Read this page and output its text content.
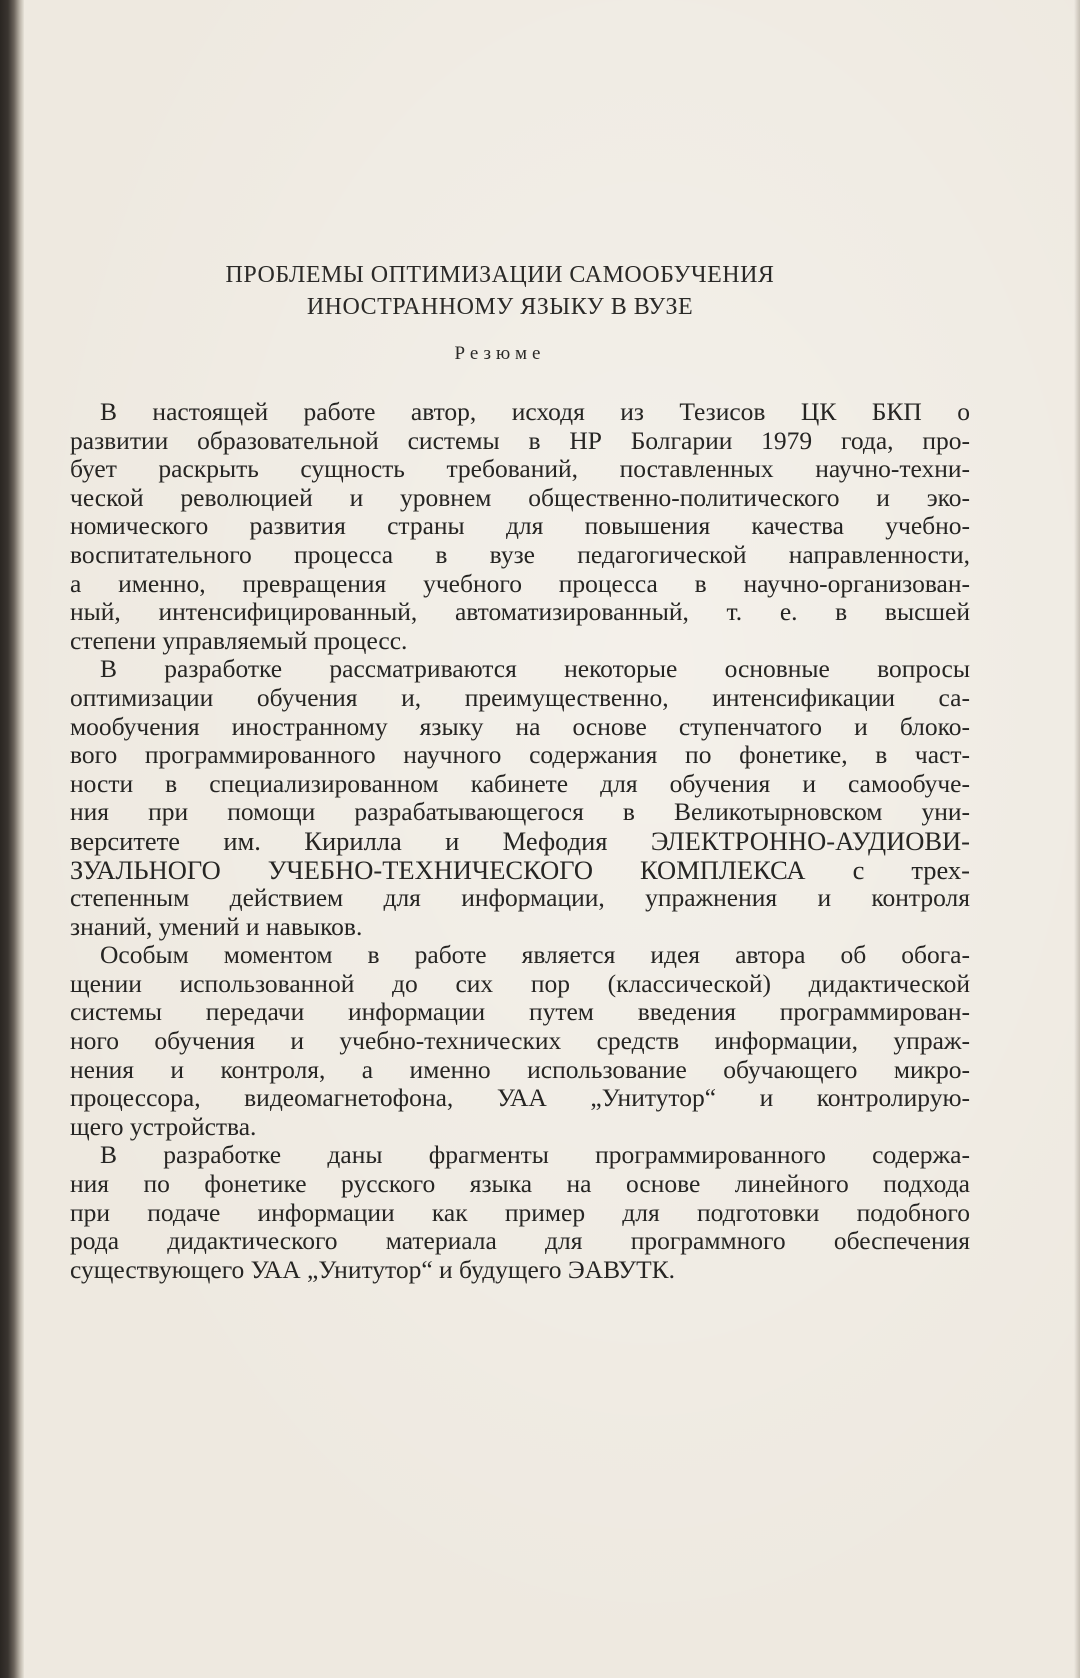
ПРОБЛЕМЫ ОПТИМИЗАЦИИ САМООБУЧЕНИЯ
ИНОСТРАННОМУ ЯЗЫКУ В ВУЗЕ
Резюме
В настоящей работе автор, исходя из Тезисов ЦК БКП о
развитии образовательной системы в НР Болгарии 1979 года, про-
бует раскрыть сущность требований, поставленных научно-техни-
ческой революцией и уровнем общественно-политического и эко-
номического развития страны для повышения качества учебно-
воспитательного процесса в вузе педагогической направленности,
а именно, превращения учебного процесса в научно-организован-
ный, интенсифицированный, автоматизированный, т. е. в высшей
степени управляемый процесс.
В разработке рассматриваются некоторые основные вопросы
оптимизации обучения и, преимущественно, интенсификации са-
мообучения иностранному языку на основе ступенчатого и блоко-
вого программированного научного содержания по фонетике, в част-
ности в специализированном кабинете для обучения и самообуче-
ния при помощи разрабатывающегося в Великотырновском уни-
верситете им. Кирилла и Мефодия ЭЛЕКТРОННО-АУДИОВИ-
ЗУАЛЬНОГО УЧЕБНО-ТЕХНИЧЕСКОГО КОМПЛЕКСА с трех-
степенным действием для информации, упражнения и контроля
знаний, умений и навыков.
Особым моментом в работе является идея автора об обога-
щении использованной до сих пор (классической) дидактической
системы передачи информации путем введения программирован-
ного обучения и учебно-технических средств информации, упраж-
нения и контроля, а именно использование обучающего микро-
процессора, видеомагнетофона, УАА „Унитутор“ и контролирую-
щего устройства.
В разработке даны фрагменты программированного содержа-
ния по фонетике русского языка на основе линейного подхода
при подаче информации как пример для подготовки подобного
рода дидактического материала для программного обеспечения
существующего УАА „Унитутор“ и будущего ЭАВУТК.
